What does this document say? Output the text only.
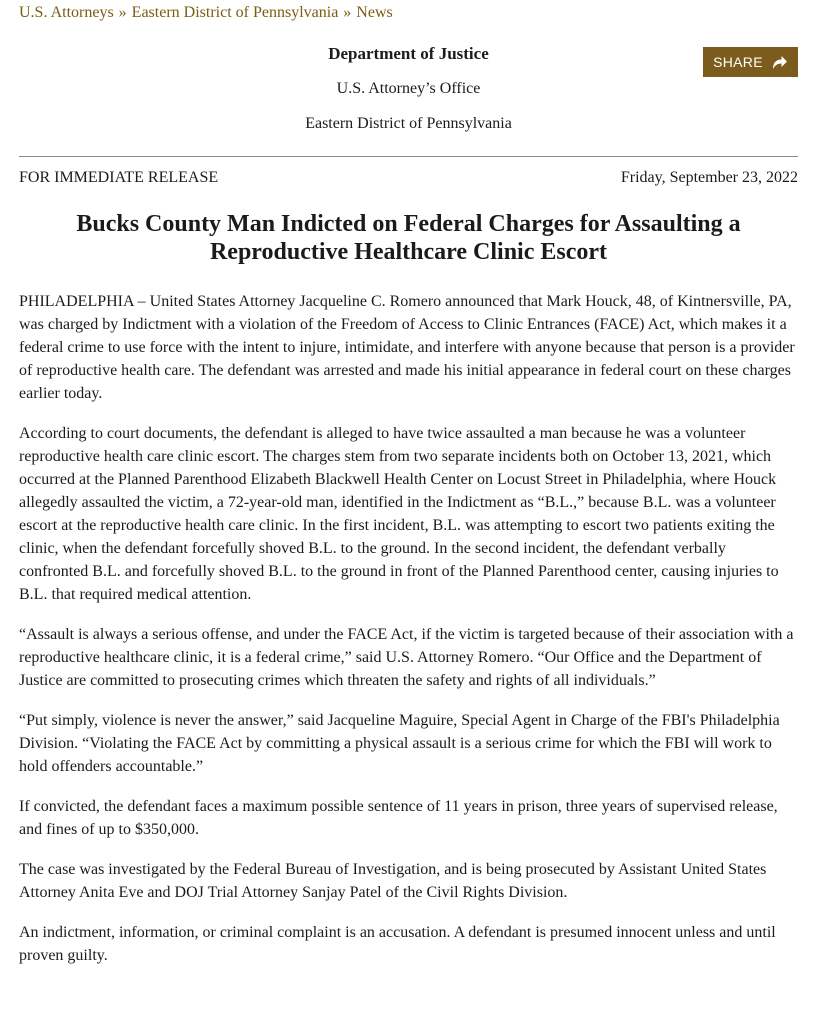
U.S. Attorneys » Eastern District of Pennsylvania » News

Department of Justice

U.S. Attorney’s Office

Eastern District of Pennsylvania

SHARE
FOR IMMEDIATE RELEASE	Friday, September 23, 2022
Bucks County Man Indicted on Federal Charges for Assaulting a Reproductive Healthcare Clinic Escort

PHILADELPHIA – United States Attorney Jacqueline C. Romero announced that Mark Houck, 48, of Kintnersville, PA, was charged by Indictment with a violation of the Freedom of Access to Clinic Entrances (FACE) Act, which makes it a federal crime to use force with the intent to injure, intimidate, and interfere with anyone because that person is a provider of reproductive health care. The defendant was arrested and made his initial appearance in federal court on these charges earlier today.

According to court documents, the defendant is alleged to have twice assaulted a man because he was a volunteer reproductive health care clinic escort. The charges stem from two separate incidents both on October 13, 2021, which occurred at the Planned Parenthood Elizabeth Blackwell Health Center on Locust Street in Philadelphia, where Houck allegedly assaulted the victim, a 72-year-old man, identified in the Indictment as “B.L.,” because B.L. was a volunteer escort at the reproductive health care clinic. In the first incident, B.L. was attempting to escort two patients exiting the clinic, when the defendant forcefully shoved B.L. to the ground. In the second incident, the defendant verbally confronted B.L. and forcefully shoved B.L. to the ground in front of the Planned Parenthood center, causing injuries to B.L. that required medical attention.

“Assault is always a serious offense, and under the FACE Act, if the victim is targeted because of their association with a reproductive healthcare clinic, it is a federal crime,” said U.S. Attorney Romero. “Our Office and the Department of Justice are committed to prosecuting crimes which threaten the safety and rights of all individuals.”

“Put simply, violence is never the answer,” said Jacqueline Maguire, Special Agent in Charge of the FBI's Philadelphia Division. “Violating the FACE Act by committing a physical assault is a serious crime for which the FBI will work to hold offenders accountable.”

If convicted, the defendant faces a maximum possible sentence of 11 years in prison, three years of supervised release, and fines of up to $350,000.

The case was investigated by the Federal Bureau of Investigation, and is being prosecuted by Assistant United States Attorney Anita Eve and DOJ Trial Attorney Sanjay Patel of the Civil Rights Division.

An indictment, information, or criminal complaint is an accusation. A defendant is presumed innocent unless and until proven guilty.
